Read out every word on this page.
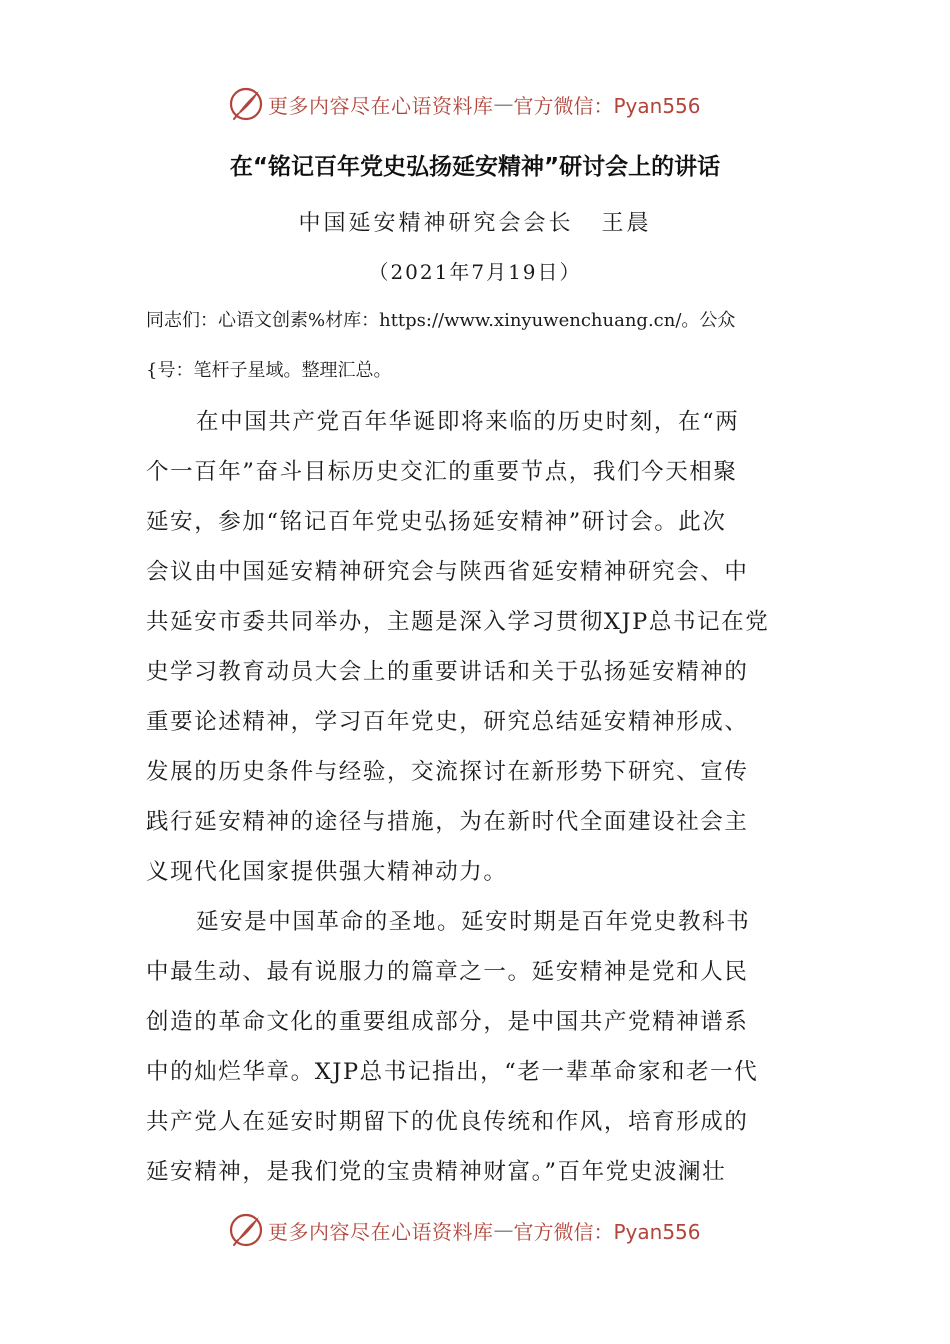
更多内容尽在心语资料库 — 官方微信：Pyan556
在“铭记百年党史弘扬延安精神”研讨会上的讲话
中国延安精神研究会会长 王晨
（2021年7月19日）
同志们：心语文创素%材库：https://www.xinyuwenchuang.cn/。公众
{号：笔杆子星域。整理汇总。
在中国共产党百年华诞即将来临的历史时刻，在“两
个一百年”奋斗目标历史交汇的重要节点，我们今天相聚
延安，参加“铭记百年党史弘扬延安精神”研讨会。此次
会议由中国延安精神研究会与陕西省延安精神研究会、中
共延安市委共同举办，主题是深入学习贯彻XJP总书记在党
史学习教育动员大会上的重要讲话和关于弘扬延安精神的
重要论述精神，学习百年党史，研究总结延安精神形成、
发展的历史条件与经验，交流探讨在新形势下研究、宣传
践行延安精神的途径与措施，为在新时代全面建设社会主
义现代化国家提供强大精神动力。
延安是中国革命的圣地。延安时期是百年党史教科书
中最生动、最有说服力的篇章之一。延安精神是党和人民
创造的革命文化的重要组成部分，是中国共产党精神谱系
中的灿烂华章。XJP总书记指出，“老一辈革命家和老一代
共产党人在延安时期留下的优良传统和作风，培育形成的
延安精神，是我们党的宝贵精神财富。”百年党史波澜壮
更多内容尽在心语资料库 — 官方微信：Pyan556
